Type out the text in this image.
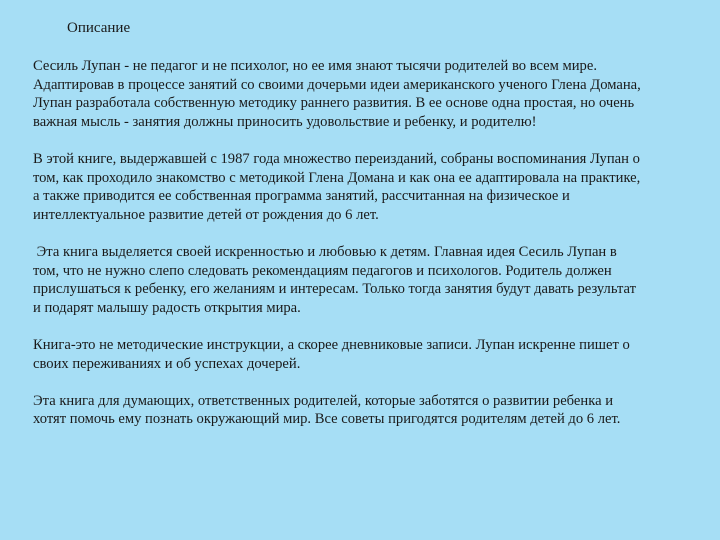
Описание

Сесиль Лупан - не педагог и не психолог, но ее имя знают тысячи родителей во всем мире.
Адаптировав в процессе занятий со своими дочерьми идеи американского ученого Глена Домана, Лупан разработала собственную методику раннего развития. В ее основе одна простая, но очень важная мысль - занятия должны приносить удовольствие и ребенку, и родителю!

В этой книге, выдержавшей с 1987 года множество переизданий, собраны воспоминания Лупан о том, как проходило знакомство с методикой Глена Домана и как она ее адаптировала на практике, а также приводится ее собственная программа занятий, рассчитанная на физическое и интеллектуальное развитие детей от рождения до 6 лет.

Эта книга выделяется своей искренностью и любовью к детям. Главная идея Сесиль Лупан в том, что не нужно слепо следовать рекомендациям педагогов и психологов. Родитель должен прислушаться к ребенку, его желаниям и интересам. Только тогда занятия будут давать результат и подарят малышу радость открытия мира.

Книга-это не методические инструкции, а скорее дневниковые записи. Лупан искренне пишет о своих переживаниях и об успехах дочерей.

Эта книга для думающих, ответственных родителей, которые заботятся о развитии ребенка и хотят помочь ему познать окружающий мир. Все советы пригодятся родителям детей до 6 лет.
